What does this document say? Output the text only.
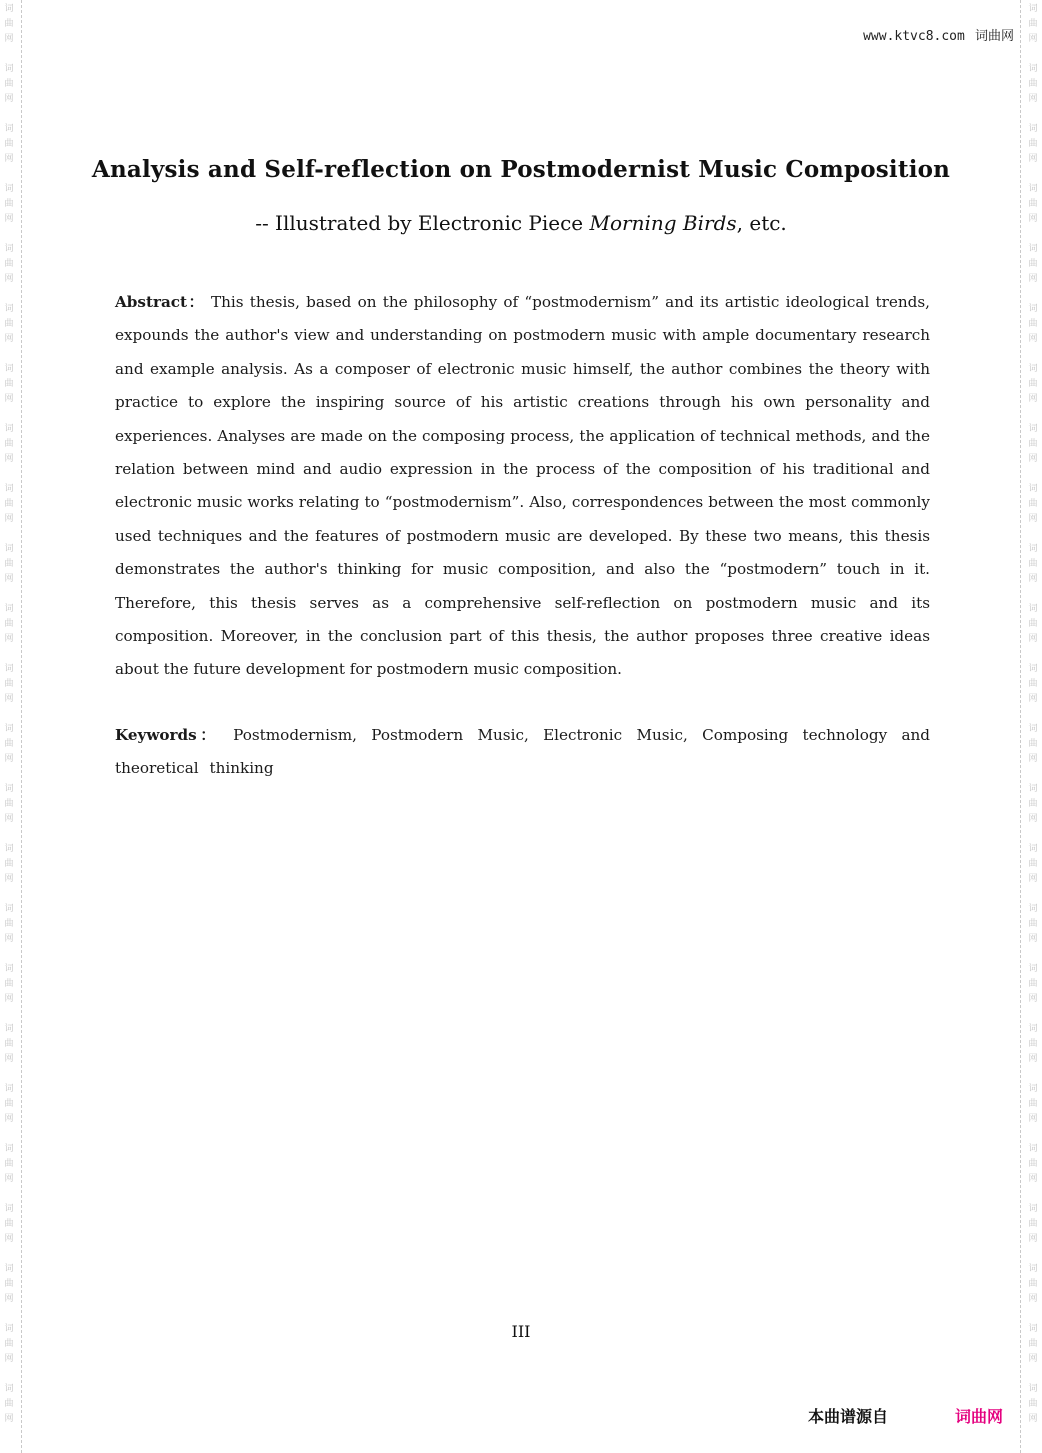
词
曲
网
词
曲
网
词
曲
网
词
曲
网
词
曲
网
词
曲
网
词
曲
网
词
曲
网
词
曲
网
词
曲
网
词
曲
网
词
曲
网
词
曲
网
词
曲
网
词
曲
网
词
曲
网
词
曲
网
词
曲
网
词
曲
网
词
曲
网
词
曲
网
词
曲
网
词
曲
网
词
曲
网
词
曲
网
词
曲
网
词
曲
网
词
曲
网
词
曲
网
词
曲
网
词
曲
网
词
曲
网
词
曲
网
词
曲
网
词
曲
网
词
曲
网
词
曲
网
词
曲
网
词
曲
网
词
曲
网
词
曲
网
词
曲
网
词
曲
网
词
曲
网
词
曲
网
词
曲
网
词
曲
网
词
曲
网
www.ktvc8.com 词曲网
Analysis and Self-reflection on Postmodernist Music Composition
-- Illustrated by Electronic Piece Morning Birds, etc.
Abstract： This thesis, based on the philosophy of “postmodernism” and its artistic ideological trends, expounds the author's view and understanding on postmodern music with ample documentary research and example analysis. As a composer of electronic music himself, the author combines the theory with practice to explore the inspiring source of his artistic creations through his own personality and experiences. Analyses are made on the composing process, the application of technical methods, and the relation between mind and audio expression in the process of the composition of his traditional and electronic music works relating to “postmodernism”. Also, correspondences between the most commonly used techniques and the features of postmodern music are developed. By these two means, this thesis demonstrates the author's thinking for music composition, and also the “postmodern” touch in it. Therefore, this thesis serves as a comprehensive self-reflection on postmodern music and its composition. Moreover, in the conclusion part of this thesis, the author proposes three creative ideas about the future development for postmodern music composition.
Keywords： Postmodernism, Postmodern Music, Electronic Music, Composing technology and theoretical thinking
III
本曲谱源自	词曲网
